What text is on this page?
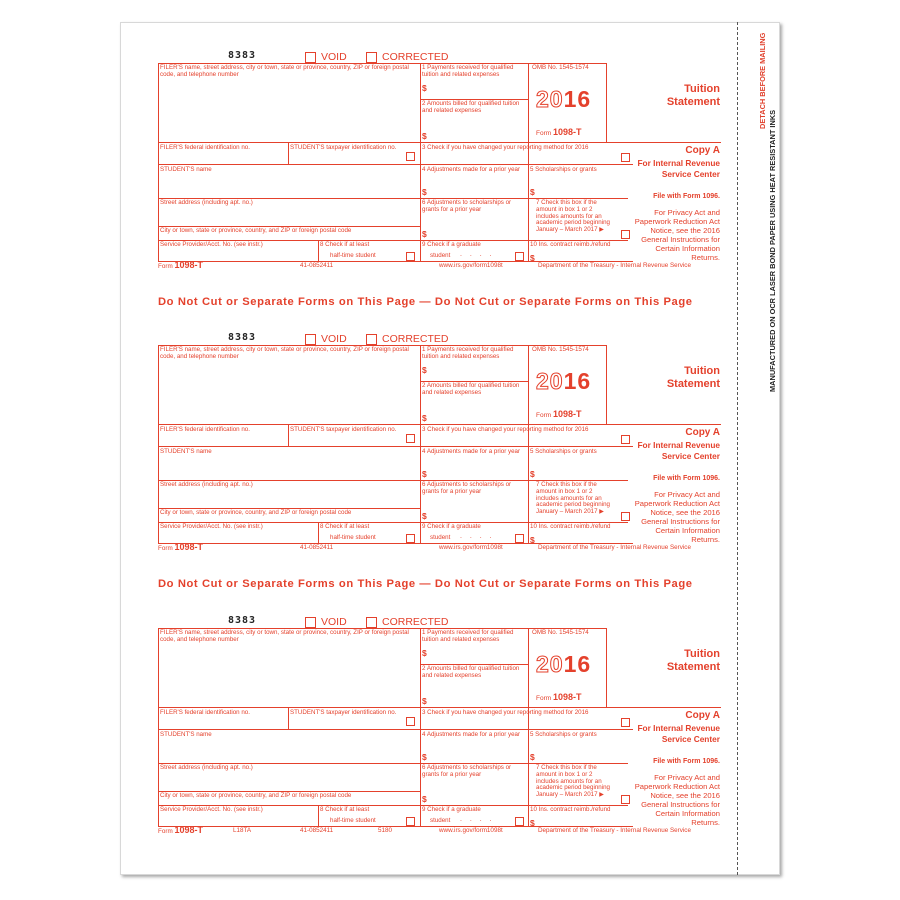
DETACH BEFORE MAILING
MANUFACTURED ON OCR LASER BOND PAPER USING HEAT RESISTANT INKS
8383	VOID	CORRECTED
FILER'S name, street address, city or town, state or province, country, ZIP or foreign postal code, and telephone number
1 Payments received for qualified tuition and related expenses
$
2 Amounts billed for qualified tuition and related expenses
$
OMB No. 1545-1574
2016
Form 1098-T
Tuition
Statement
FILER'S federal identification no.	STUDENT'S taxpayer identification no.	3 Check if you have changed your reporting method for 2016	Copy A
For Internal Revenue Service Center
STUDENT'S name	4 Adjustments made for a prior year
$
5 Scholarships or grants
$	File with Form 1096.
Street address (including apt. no.)
City or town, state or province, country, and ZIP or foreign postal code
6 Adjustments to scholarships or grants for a prior year
$
7 Check this box if the amount in box 1 or 2 includes amounts for an academic period beginning January – March 2017 ▶
For Privacy Act and Paperwork Reduction Act Notice, see the 2016 General Instructions for Certain Information Returns.
Service Provider/Acct. No. (see instr.)	8 Check if at least
half-time student
9 Check if a graduate
student	. . . .
10 Ins. contract reimb./refund
$
Form 1098-T	41-0852411	www.irs.gov/form1098t	Department of the Treasury - Internal Revenue Service
Do Not Cut or Separate Forms on This Page — Do Not Cut or Separate Forms on This Page
8383	VOID	CORRECTED
FILER'S name, street address, city or town, state or province, country, ZIP or foreign postal code, and telephone number
1 Payments received for qualified tuition and related expenses
$
2 Amounts billed for qualified tuition and related expenses
$
OMB No. 1545-1574
2016
Form 1098-T
Tuition
Statement
FILER'S federal identification no.	STUDENT'S taxpayer identification no.	3 Check if you have changed your reporting method for 2016	Copy A
For Internal Revenue Service Center
STUDENT'S name	4 Adjustments made for a prior year
$
5 Scholarships or grants
$	File with Form 1096.
Street address (including apt. no.)
City or town, state or province, country, and ZIP or foreign postal code
6 Adjustments to scholarships or grants for a prior year
$
7 Check this box if the amount in box 1 or 2 includes amounts for an academic period beginning January – March 2017 ▶
For Privacy Act and Paperwork Reduction Act Notice, see the 2016 General Instructions for Certain Information Returns.
Service Provider/Acct. No. (see instr.)	8 Check if at least
half-time student
9 Check if a graduate
student	. . . .
10 Ins. contract reimb./refund
$
Form 1098-T	41-0852411	www.irs.gov/form1098t	Department of the Treasury - Internal Revenue Service
Do Not Cut or Separate Forms on This Page — Do Not Cut or Separate Forms on This Page
8383	VOID	CORRECTED
FILER'S name, street address, city or town, state or province, country, ZIP or foreign postal code, and telephone number
1 Payments received for qualified tuition and related expenses
$
2 Amounts billed for qualified tuition and related expenses
$
OMB No. 1545-1574
2016
Form 1098-T
Tuition
Statement
FILER'S federal identification no.	STUDENT'S taxpayer identification no.	3 Check if you have changed your reporting method for 2016	Copy A
For Internal Revenue Service Center
STUDENT'S name	4 Adjustments made for a prior year
$
5 Scholarships or grants
$	File with Form 1096.
Street address (including apt. no.)
City or town, state or province, country, and ZIP or foreign postal code
6 Adjustments to scholarships or grants for a prior year
$
7 Check this box if the amount in box 1 or 2 includes amounts for an academic period beginning January – March 2017 ▶
For Privacy Act and Paperwork Reduction Act Notice, see the 2016 General Instructions for Certain Information Returns.
Service Provider/Acct. No. (see instr.)	8 Check if at least
half-time student
9 Check if a graduate
student	. . . .
10 Ins. contract reimb./refund
$
Form 1098-T	L18TA	5180
41-0852411	www.irs.gov/form1098t	Department of the Treasury - Internal Revenue Service
